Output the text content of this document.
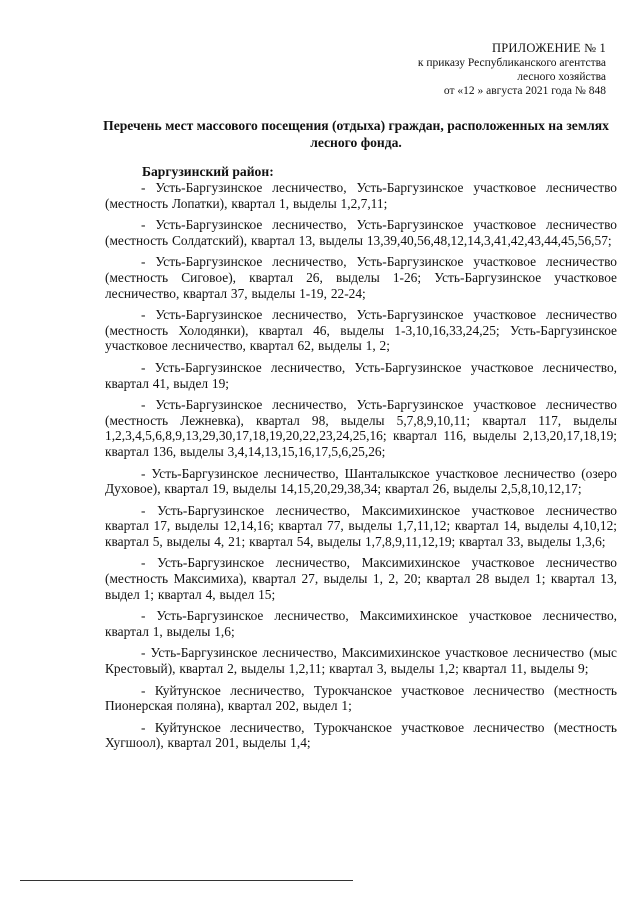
ПРИЛОЖЕНИЕ № 1
к приказу Республиканского агентства
лесного хозяйства
от «12 » августа 2021 года № 848
Перечень мест массового посещения (отдыха) граждан, расположенных на землях лесного фонда.
Баргузинский район:

- Усть-Баргузинское лесничество, Усть-Баргузинское участковое лесничество (местность Лопатки), квартал 1, выделы 1,2,7,11;

- Усть-Баргузинское лесничество, Усть-Баргузинское участковое лесничество (местность Солдатский), квартал 13, выделы 13,39,40,56,48,12,14,3,41,42,43,44,45,56,57;

- Усть-Баргузинское лесничество, Усть-Баргузинское участковое лесничество (местность Сиговое), квартал 26, выделы 1-26; Усть-Баргузинское участковое лесничество, квартал 37, выделы 1-19, 22-24;

- Усть-Баргузинское лесничество, Усть-Баргузинское участковое лесничество (местность Холодянки), квартал 46, выделы 1-3,10,16,33,24,25; Усть-Баргузинское участковое лесничество, квартал 62, выделы 1, 2;

- Усть-Баргузинское лесничество, Усть-Баргузинское участковое лесничество, квартал 41, выдел 19;

- Усть-Баргузинское лесничество, Усть-Баргузинское участковое лесничество (местность Лежневка), квартал 98, выделы 5,7,8,9,10,11; квартал 117, выделы 1,2,3,4,5,6,8,9,13,29,30,17,18,19,20,22,23,24,25,16; квартал 116, выделы 2,13,20,17,18,19; квартал 136, выделы 3,4,14,13,15,16,17,5,6,25,26;

- Усть-Баргузинское лесничество, Шанталыкское участковое лесничество (озеро Духовое), квартал 19, выделы 14,15,20,29,38,34; квартал 26, выделы 2,5,8,10,12,17;

- Усть-Баргузинское лесничество, Максимихинское участковое лесничество квартал 17, выделы 12,14,16; квартал 77, выделы 1,7,11,12; квартал 14, выделы 4,10,12; квартал 5, выделы 4, 21; квартал 54, выделы 1,7,8,9,11,12,19; квартал 33, выделы 1,3,6;

- Усть-Баргузинское лесничество, Максимихинское участковое лесничество (местность Максимиха), квартал 27, выделы 1, 2, 20; квартал 28 выдел 1; квартал 13, выдел 1; квартал 4, выдел 15;

- Усть-Баргузинское лесничество, Максимихинское участковое лесничество, квартал 1, выделы 1,6;

- Усть-Баргузинское лесничество, Максимихинское участковое лесничество (мыс Крестовый), квартал 2, выделы 1,2,11; квартал 3, выделы 1,2; квартал 11, выделы 9;

- Куйтунское лесничество, Турокчанское участковое лесничество (местность Пионерская поляна), квартал 202, выдел 1;

- Куйтунское лесничество, Турокчанское участковое лесничество (местность Хугшоол), квартал 201, выделы 1,4;
